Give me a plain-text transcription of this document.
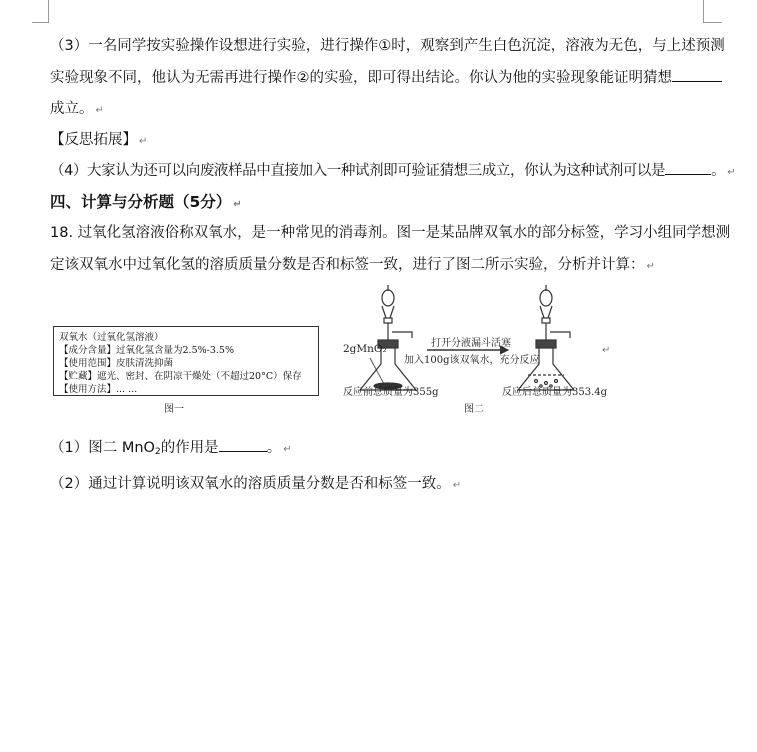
（3）一名同学按实验操作设想进行实验，进行操作①时，观察到产生白色沉淀，溶液为无色，与上述预测
实验现象不同，他认为无需再进行操作②的实验，即可得出结论。你认为他的实验现象能证明猜想
成立。 ↵
【反思拓展】 ↵
（4）大家认为还可以向废液样品中直接加入一种试剂即可验证猜想三成立，你认为这种试剂可以是	。 ↵
四、计算与分析题（5分） ↵
18. 过氧化氢溶液俗称双氧水，是一种常见的消毒剂。图一是某品牌双氧水的部分标签，学习小组同学想测
定该双氧水中过氧化氢的溶质质量分数是否和标签一致，进行了图二所示实验，分析并计算： ↵
双氧水（过氧化氢溶液）
【成分含量】过氧化氢含量为2.5%-3.5%
【使用范围】皮肤清洗抑菌
【贮藏】遮光、密封、在阴凉干燥处（不超过20°C）保存
【使用方法】... ...
图一
2gMnO₂	打开分液漏斗活塞
加入100g该双氧水，充分反应
反应前总质量为355g	反应后总质量为353.4g
图二
↵
（1）图二 MnO$_2$的作用是	。 ↵
（2）通过计算说明该双氧水的溶质质量分数是否和标签一致。 ↵
